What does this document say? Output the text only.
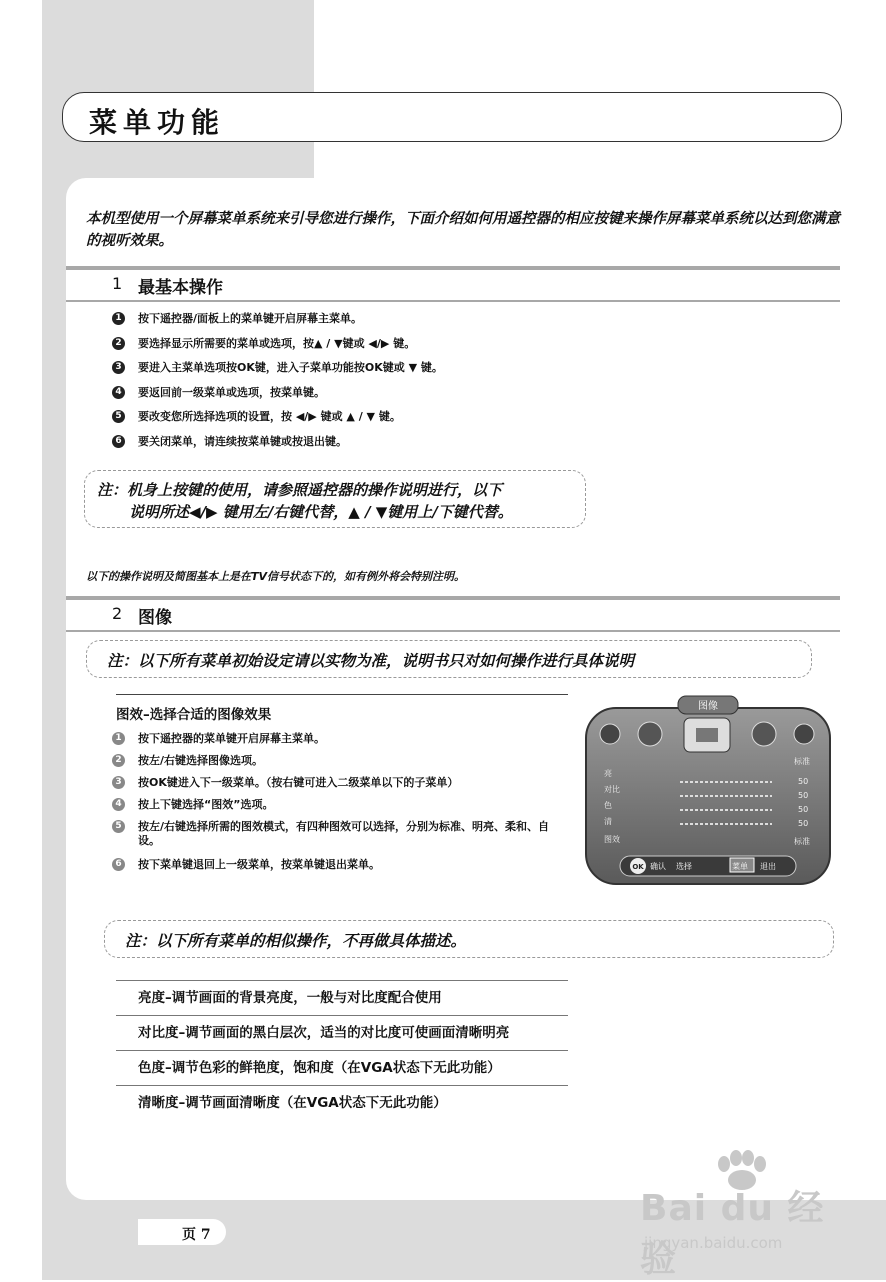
菜单功能
本机型使用一个屏幕菜单系统来引导您进行操作，下面介绍如何用遥控器的相应按键来操作屏幕菜单系统以达到您满意的视听效果。
1 最基本操作
1	按下遥控器/面板上的菜单键开启屏幕主菜单。
2	要选择显示所需要的菜单或选项，按▲ / ▼键或 ◀/▶ 键。
3	要进入主菜单选项按OK键，进入子菜单功能按OK键或 ▼ 键。
4	要返回前一级菜单或选项，按菜单键。
5	要改变您所选择选项的设置，按 ◀/▶ 键或 ▲ / ▼ 键。
6	要关闭菜单，请连续按菜单键或按退出键。
注：机身上按键的使用，请参照遥控器的操作说明进行，以下
说明所述◀/▶ 键用左/右键代替，▲ / ▼键用上/下键代替。
以下的操作说明及简图基本上是在TV信号状态下的，如有例外将会特别注明。
2 图像
注：以下所有菜单初始设定请以实物为准，说明书只对如何操作进行具体说明
图效–选择合适的图像效果
1	按下遥控器的菜单键开启屏幕主菜单。
2	按左/右键选择图像选项。
3	按OK键进入下一级菜单。（按右键可进入二级菜单以下的子菜单）
4	按上下键选择“图效”选项。
5	按左/右键选择所需的图效模式，有四种图效可以选择，分别为标准、明亮、柔和、自设。
6	按下菜单键退回上一级菜单，按菜单键退出菜单。
图像
亮
对比
色
清
图效
标准
50
50
50
50
标准
OK 确认 选择	菜单 退出
注：以下所有菜单的相似操作，不再做具体描述。
亮度–调节画面的背景亮度，一般与对比度配合使用
对比度–调节画面的黑白层次，适当的对比度可使画面清晰明亮
色度–调节色彩的鲜艳度，饱和度（在VGA状态下无此功能）
清晰度–调节画面清晰度（在VGA状态下无此功能）
页 7
Bai du 经验
jingyan.baidu.com
